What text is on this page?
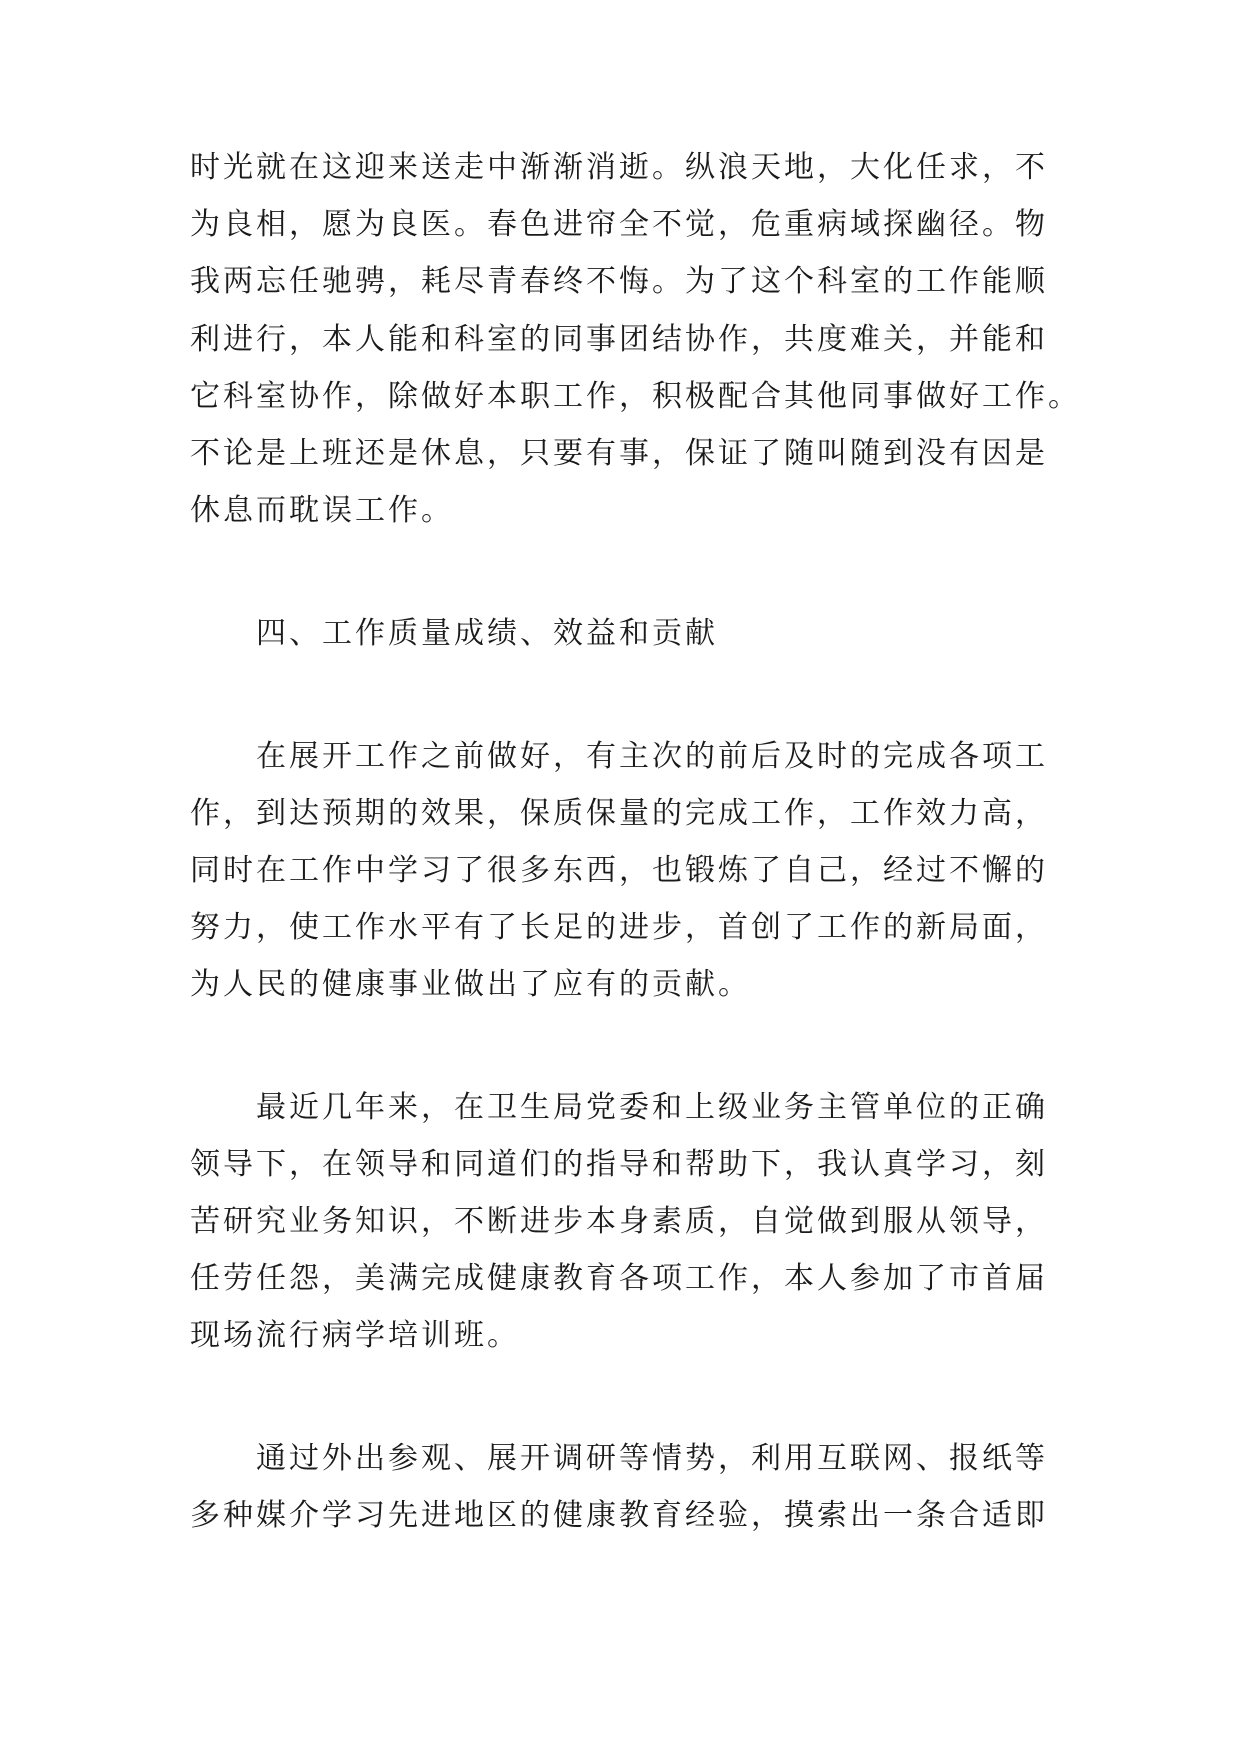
时光就在这迎来送走中渐渐消逝。纵浪天地，大化任求，不
为良相，愿为良医。春色进帘全不觉，危重病域探幽径。物
我两忘任驰骋，耗尽青春终不悔。为了这个科室的工作能顺
利进行，本人能和科室的同事团结协作，共度难关，并能和
它科室协作，除做好本职工作，积极配合其他同事做好工作。
不论是上班还是休息，只要有事，保证了随叫随到没有因是
休息而耽误工作。
四、工作质量成绩、效益和贡献
在展开工作之前做好，有主次的前后及时的完成各项工
作，到达预期的效果，保质保量的完成工作，工作效力高，
同时在工作中学习了很多东西，也锻炼了自己，经过不懈的
努力，使工作水平有了长足的进步，首创了工作的新局面，
为人民的健康事业做出了应有的贡献。
最近几年来，在卫生局党委和上级业务主管单位的正确
领导下，在领导和同道们的指导和帮助下，我认真学习，刻
苦研究业务知识，不断进步本身素质，自觉做到服从领导，
任劳任怨，美满完成健康教育各项工作，本人参加了市首届
现场流行病学培训班。
通过外出参观、展开调研等情势，利用互联网、报纸等
多种媒介学习先进地区的健康教育经验，摸索出一条合适即
